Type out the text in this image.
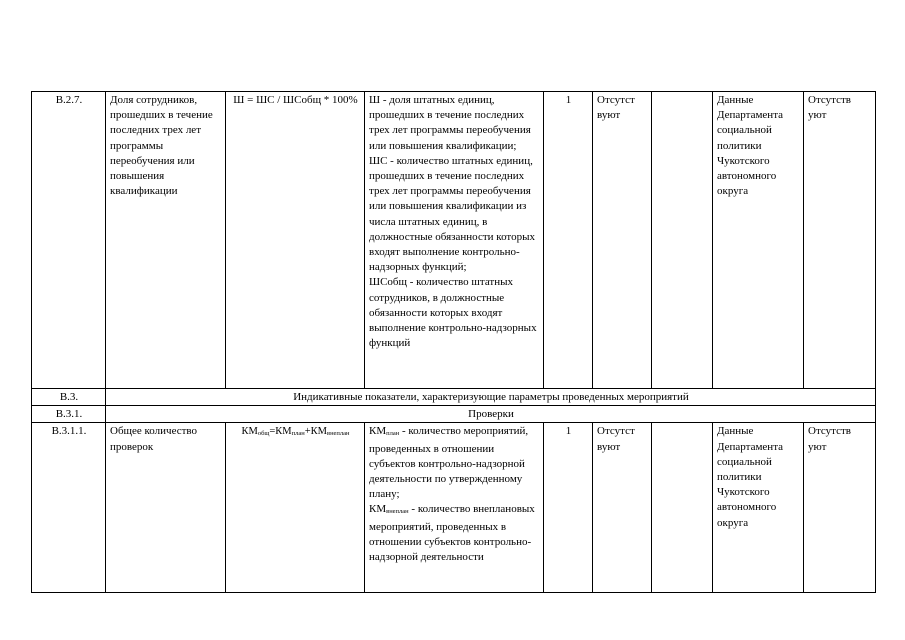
В.2.7.	Доля сотрудников, прошедших в течение последних трех лет программы переобучения или повышения квалификации	Ш = ШС / ШСобщ * 100%	Ш - доля штатных единиц, прошедших в течение последних трех лет программы переобучения или повышения квалификации;

ШС - количество штатных единиц, прошедших в течение последних трех лет программы переобучения или повышения квалификации из числа штатных единиц, в должностные обязанности которых входят выполнение контрольно-надзорных функций;

ШСобщ - количество штатных сотрудников, в должностные обязанности которых входят выполнение контрольно-надзорных функций	1	Отсутст вуют		Данные Департамента социальной политики Чукотского автономного округа	Отсутств уют
В.3.	Индикативные показатели, характеризующие параметры проведенных мероприятий							
В.3.1.	Проверки							
В.3.1.1.	Общее количество проверок	$КМ_{общ}=КМ_{план}+КМ_{внеплан}$	$КМ_{план}$ - количество мероприятий, проведенных в отношении субъектов контрольно-надзорной деятельности по утвержденному плану;

$КМ_{внеплан}$ - количество внеплановых мероприятий, проведенных в отношении субъектов контрольно-надзорной деятельности	1	Отсутст вуют		Данные Департамента социальной политики Чукотского автономного округа	Отсутств уют
